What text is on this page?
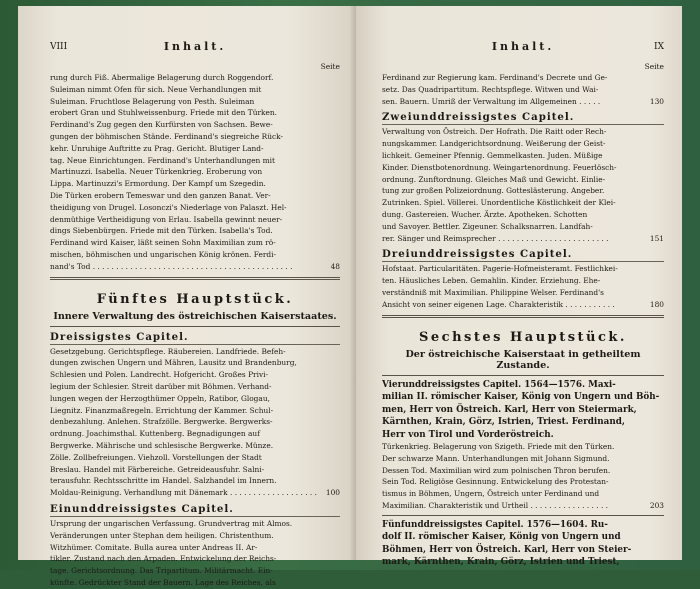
VIII	Inhalt.
Seite
rung durch Fiß. Abermalige Belagerung durch Roggendorf.
Suleiman nimmt Ofen für sich. Neue Verhandlungen mit
Suleiman. Fruchtlose Belagerung von Pesth. Suleiman
erobert Gran und Stuhlweissenburg. Friede mit den Türken.
Ferdinand's Zug gegen den Kurfürsten von Sachsen. Bewe-
gungen der böhmischen Stände. Ferdinand's siegreiche Rück-
kehr. Unruhige Auftritte zu Prag. Gericht. Blutiger Land-
tag. Neue Einrichtungen. Ferdinand's Unterhandlungen mit
Martinuzzi. Isabella. Neuer Türkenkrieg. Eroberung von
Lippa. Martinuzzi's Ermordung. Der Kampf um Szegedin.
Die Türken erobern Temeswar und den ganzen Banat. Ver-
theidigung von Drugel. Losonczi's Niederlage von Palaszt. Hel-
denmüthige Vertheidigung von Erlau. Isabella gewinnt neuer-
dings Siebenbürgen. Friede mit den Türken. Isabella's Tod.
Ferdinand wird Kaiser, läßt seinen Sohn Maximilian zum rö-
mischen, böhmischen und ungarischen König krönen. Ferdi-
nand's Tod . . . . . . . . . . . . . . . . . . . . . . . . . . . . . . . . . . . . . . . . . . .	48
Fünftes Hauptstück.
Innere Verwaltung des östreichischen Kaiserstaates.
Dreissigstes Capitel.
Gesetzgebung. Gerichtspflege. Räubereien. Landfriede. Befeh-
dungen zwischen Ungern und Mähren, Lausitz und Brandenburg,
Schlesien und Polen. Landrecht. Hofgericht. Großes Privi-
legium der Schlesier. Streit darüber mit Böhmen. Verhand-
lungen wegen der Herzogthümer Oppeln, Ratibor, Glogau,
Liegnitz. Finanzmaßregeln. Errichtung der Kammer. Schul-
denbezahlung. Anlehen. Strafzölle. Bergwerke. Bergwerks-
ordnung. Joachimsthal. Kuttenberg. Begnadigungen auf
Bergwerke. Mährische und schlesische Bergwerke. Münze.
Zölle. Zollbefreiungen. Viehzoll. Vorstellungen der Stadt
Breslau. Handel mit Färbereiche. Getreideausfuhr. Salni-
terausfuhr. Rechtsschritte im Handel. Salzhandel im Innern.
Moldau-Reinigung. Verhandlung mit Dänemark . . . . . . . . . . . . . . . . . . . 100
Einunddreissigstes Capitel.
Ursprung der ungarischen Verfassung. Grundvertrag mit Almos.
Veränderungen unter Stephan dem heiligen. Christenthum.
Witzhümer. Comitate. Bulla aurea unter Andreas II. Ar-
tikler. Zustand nach den Arpaden. Entwickelung der Reichs-
tage. Gerichtsordnung. Das Tripartitum. Militärmacht. Ein-
künfte. Gedrückter Stand der Bauern. Lage des Reiches, als
Inhalt.	IX
Seite
Ferdinand zur Regierung kam. Ferdinand's Decrete und Ge-
setz. Das Quadripartitum. Rechtspflege. Witwen und Wai-
sen. Bauern. Umriß der Verwaltung im Allgemeinen . . . . .	130
Zweiunddreissigstes Capitel.
Verwaltung von Östreich. Der Hofrath. Die Raitt oder Rech-
nungskammer. Landgerichtsordnung. Weißerung der Geist-
lichkeit. Gemeiner Pfennig. Gemmelkasten. Juden. Müßige
Kinder. Dienstbotenordnung. Weingartenordnung. Feuerlösch-
ordnung. Zunftordnung. Gleiches Maß und Gewicht. Einlie-
tung zur großen Polizeiordnung. Gotteslästerung. Angeber.
Zutrinken. Spiel. Völlerei. Unordentliche Köstlichkeit der Klei-
dung. Gastereien. Wucher. Ärzte. Apotheken. Schotten
und Savoyer. Bettler. Zigeuner. Schalksnarren. Landfah-
rer. Sänger und Reimsprecher . . . . . . . . . . . . . . . . . . . . . . . .	151
Dreiunddreissigstes Capitel.
Hofstaat. Particularitäten. Pagerie-Hofmeisteramt. Festlichkei-
ten. Häusliches Leben. Gemahlin. Kinder. Erziehung. Ehe-
verständniß mit Maximilian. Philippine Welser. Ferdinand's
Ansicht von seiner eigenen Lage. Charakteristik . . . . . . . . . . .	180
Sechstes Hauptstück.
Der östreichische Kaiserstaat in getheiltem Zustande.
Vierunddreissigstes Capitel. 1564—1576. Maxi-
milian II. römischer Kaiser, König von Ungern und Böh-
men, Herr von Östreich. Karl, Herr von Steiermark,
Kärnthen, Krain, Görz, Istrien, Triest. Ferdinand,
Herr von Tirol und Vorderöstreich.
Türkenkrieg. Belagerung von Szigeth. Friede mit den Türken.
Der schwarze Mann. Unterhandlungen mit Johann Sigmund.
Dessen Tod. Maximilian wird zum polnischen Thron berufen.
Sein Tod. Religiöse Gesinnung. Entwickelung des Protestan-
tismus in Böhmen, Ungern, Östreich unter Ferdinand und
Maximilian. Charakteristik und Urtheil . . . . . . . . . . . . . . . . .	203
Fünfunddreissigstes Capitel. 1576—1604. Ru-
dolf II. römischer Kaiser, König von Ungern und
Böhmen, Herr von Östreich. Karl, Herr von Steier-
mark, Kärnthen, Krain, Görz, Istrien und Triest,
